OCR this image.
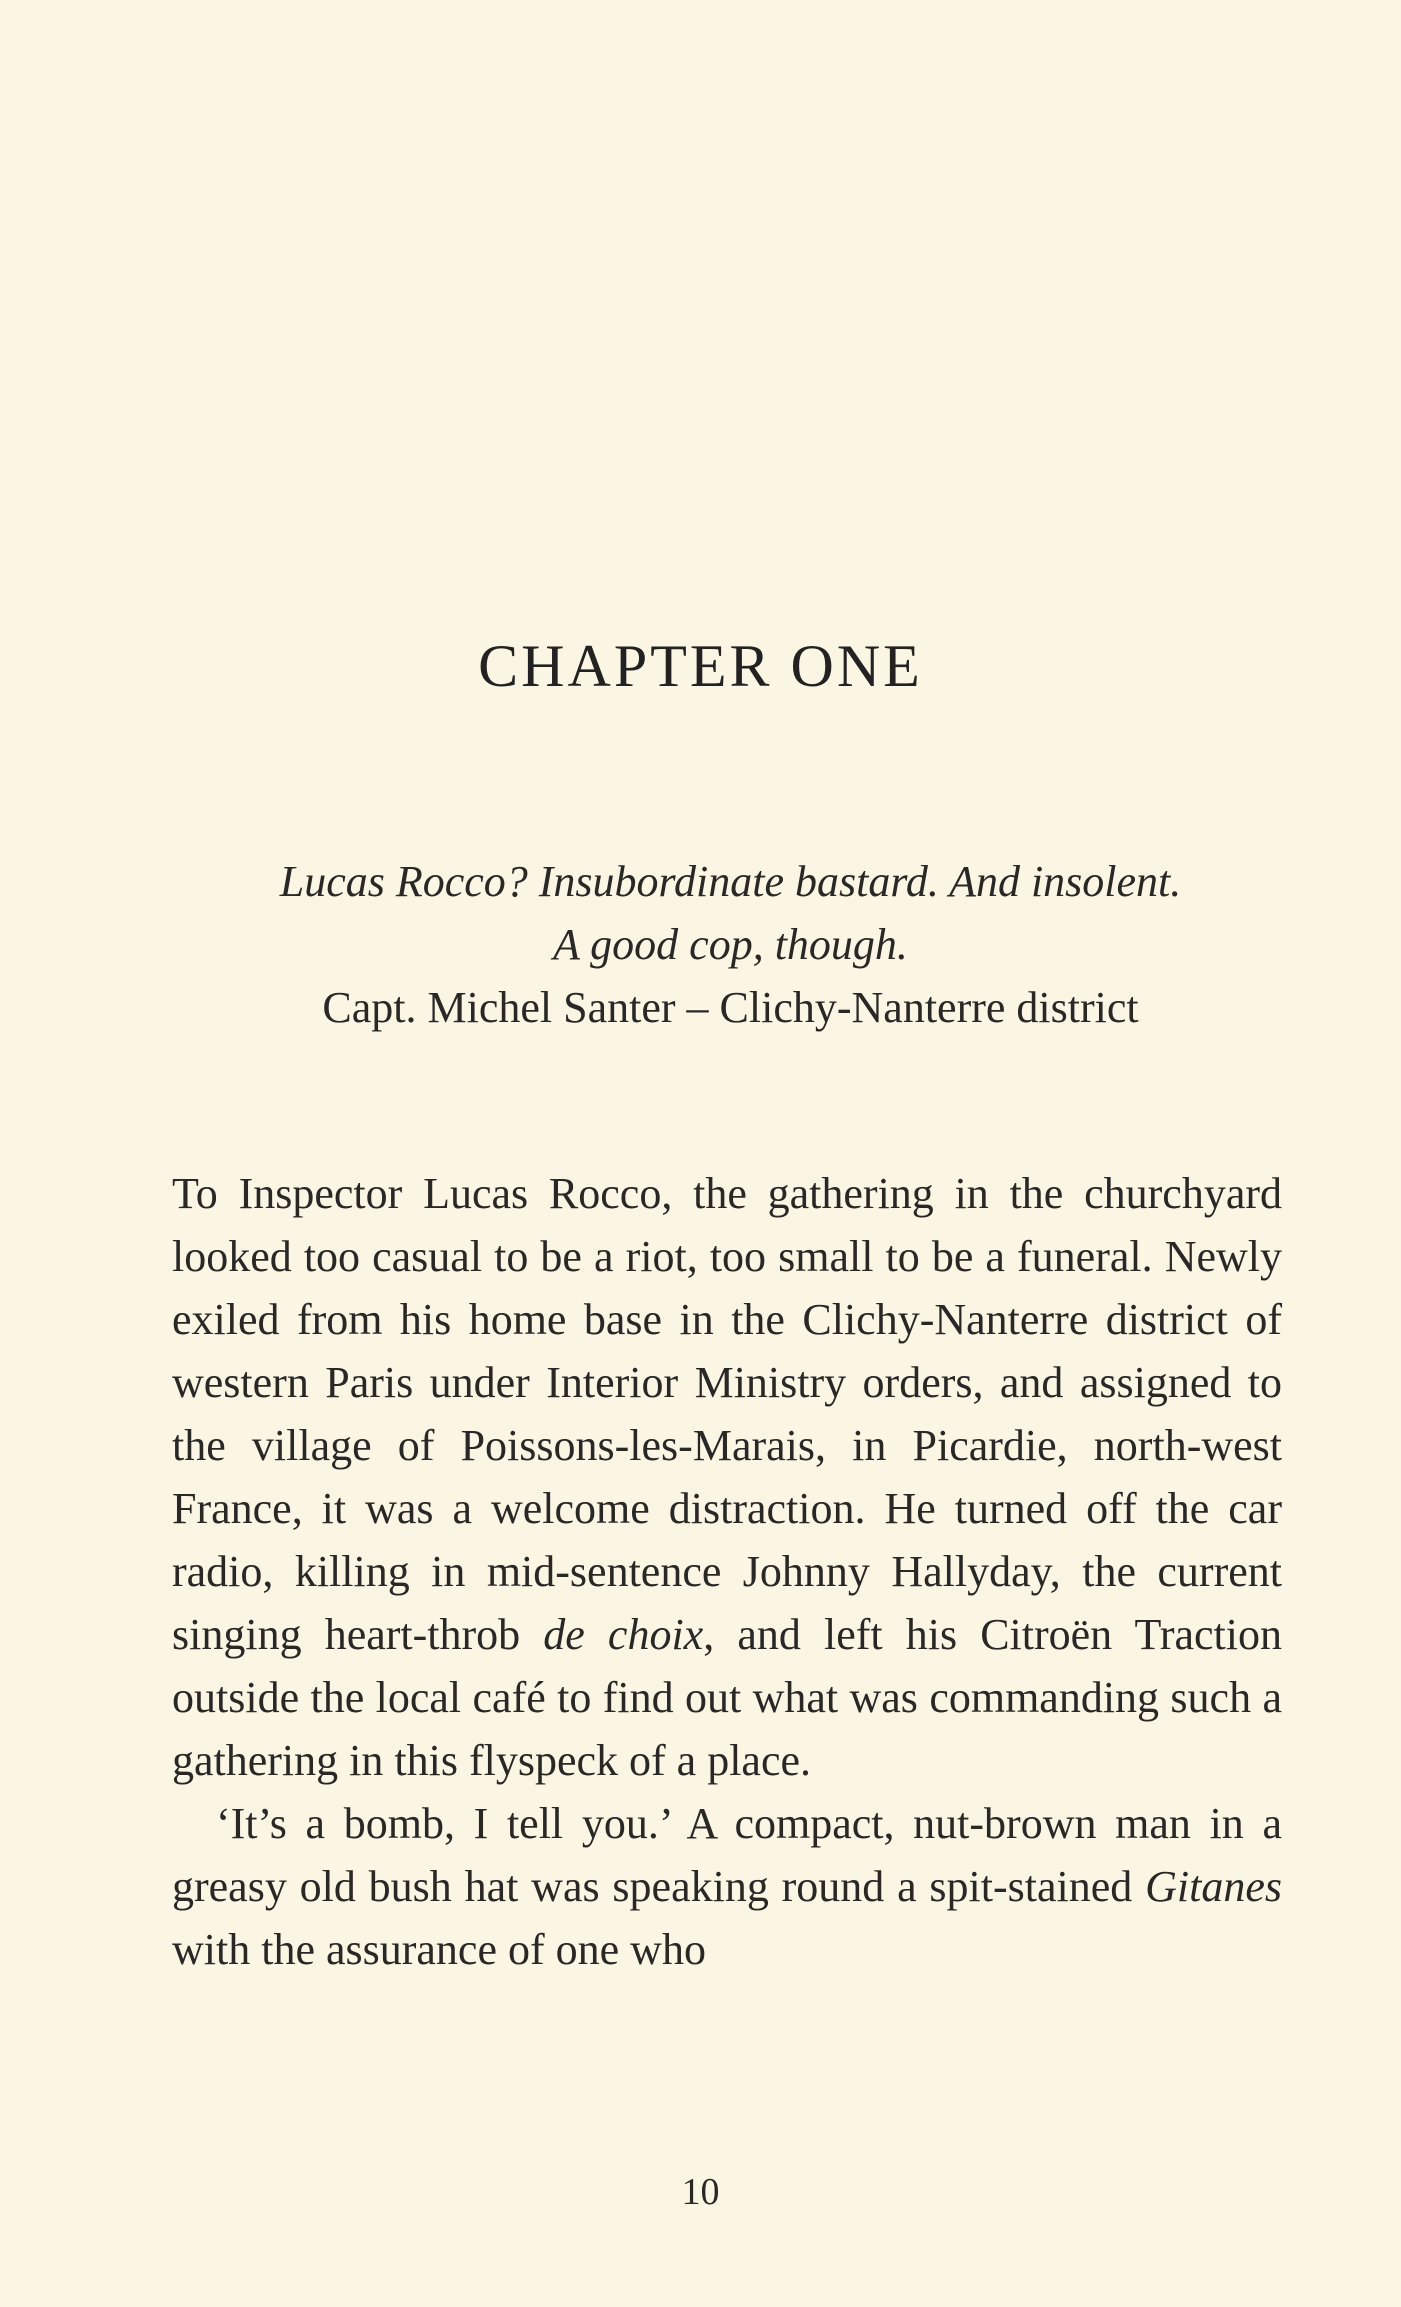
CHAPTER ONE
Lucas Rocco? Insubordinate bastard. And insolent.
A good cop, though.
Capt. Michel Santer – Clichy-Nanterre district

To Inspector Lucas Rocco, the gathering in the churchyard looked too casual to be a riot, too small to be a funeral. Newly exiled from his home base in the Clichy-Nanterre district of western Paris under Interior Ministry orders, and assigned to the village of Poissons-les-Marais, in Picardie, north-west France, it was a welcome distraction. He turned off the car radio, killing in mid-sentence Johnny Hallyday, the current singing heart-throb de choix, and left his Citroën Traction outside the local café to find out what was commanding such a gathering in this flyspeck of a place.

‘It’s a bomb, I tell you.’ A compact, nut-brown man in a greasy old bush hat was speaking round a spit-stained Gitanes with the assurance of one who

10
